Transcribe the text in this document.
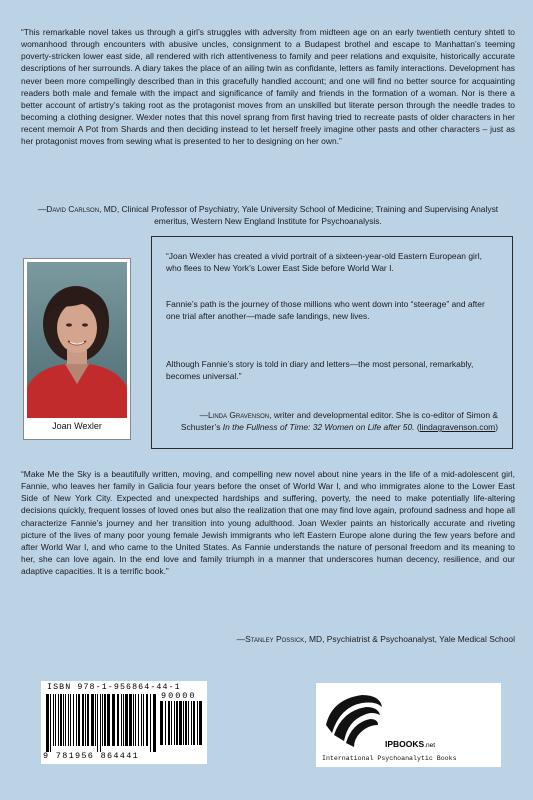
“This remarkable novel takes us through a girl’s struggles with adversity from midteen age on an early twentieth century shtetl to womanhood through encounters with abusive uncles, consignment to a Budapest brothel and escape to Manhattan’s teeming poverty-stricken lower east side, all rendered with rich attentiveness to family and peer relations and exquisite, historically accurate descriptions of her surrounds. A diary takes the place of an ailing twin as confidante, letters as family interactions. Development has never been more compellingly described than in this gracefully handled account; and one will find no better source for acquainting readers both male and female with the impact and significance of family and friends in the formation of a woman. Nor is there a better account of artistry’s taking root as the protagonist moves from an unskilled but literate person through the needle trades to becoming a clothing designer. Wexler notes that this novel sprang from first having tried to recreate pasts of older characters in her recent memoir A Pot from Shards and then deciding instead to let herself freely imagine other pasts and other characters – just as her protagonist moves from sewing what is presented to her to designing on her own.”
—David Carlson, MD, Clinical Professor of Psychiatry, Yale University School of Medicine; Training and Supervising Analyst emeritus, Western New England Institute for Psychoanalysis.
Joan Wexler
“Joan Wexler has created a vivid portrait of a sixteen-year-old Eastern European girl, who flees to New York’s Lower East Side before World War I.
Fannie’s path is the journey of those millions who went down into “steerage” and after one trial after another—made safe landings, new lives.
Although Fannie’s story is told in diary and letters—the most personal, remarkably, becomes universal.”
—Linda Gravenson, writer and developmental editor. She is co-editor of Simon & Schuster’s In the Fullness of Time: 32 Women on Life after 50. (lindagravenson.com)
“Make Me the Sky is a beautifully written, moving, and compelling new novel about nine years in the life of a mid-adolescent girl, Fannie, who leaves her family in Galicia four years before the onset of World War I, and who immigrates alone to the Lower East Side of New York City. Expected and unexpected hardships and suffering, poverty, the need to make potentially life-altering decisions quickly, frequent losses of loved ones but also the realization that one may find love again, profound sadness and hope all characterize Fannie’s journey and her transition into young adulthood. Joan Wexler paints an historically accurate and riveting picture of the lives of many poor young female Jewish immigrants who left Eastern Europe alone during the few years before and after World War I, and who came to the United States. As Fannie understands the nature of personal freedom and its meaning to her, she can love again. In the end love and family triumph in a manner that underscores human decency, resilience, and our adaptive capacities. It is a terrific book.”
—Stanley Possick, MD, Psychiatrist & Psychoanalyst, Yale Medical School
ISBN 978-1-956864-44-1
90000
9 781956 864441
IPBOOKS.net
International Psychoanalytic Books
